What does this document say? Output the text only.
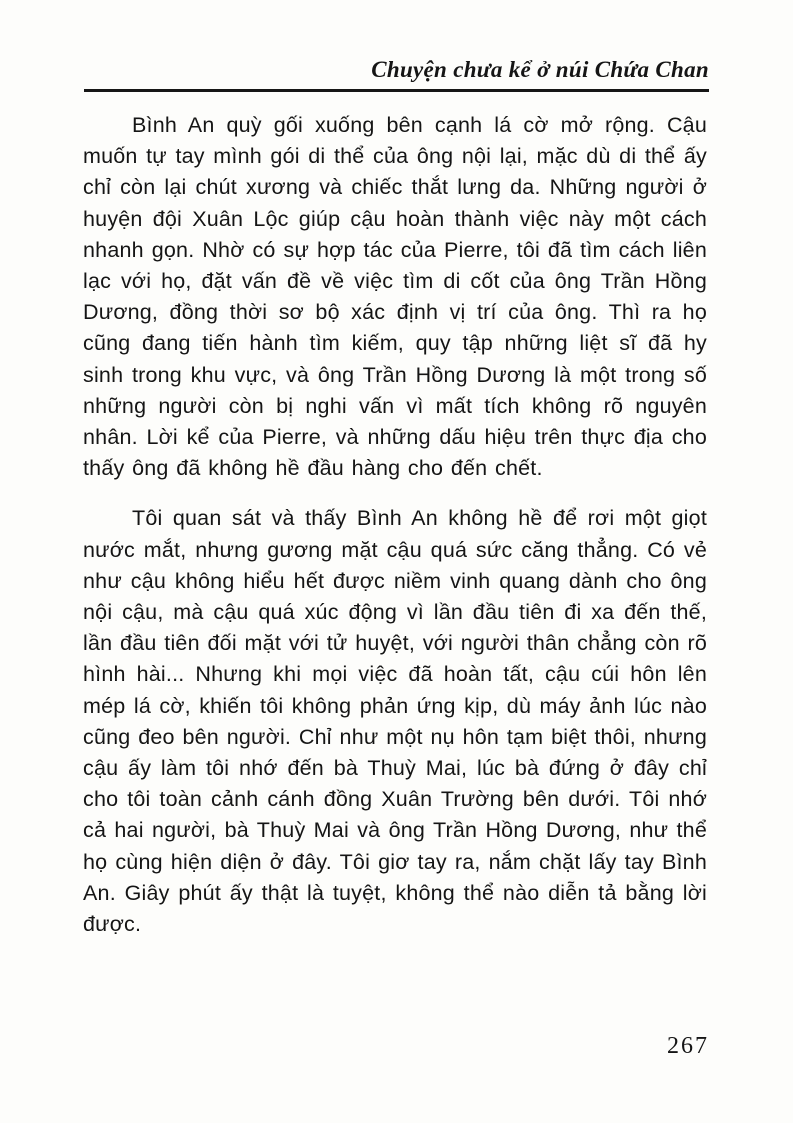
Chuyện chưa kể ở núi Chứa Chan

Bình An quỳ gối xuống bên cạnh lá cờ mở rộng. Cậu muốn tự tay mình gói di thể của ông nội lại, mặc dù di thể ấy chỉ còn lại chút xương và chiếc thắt lưng da. Những người ở huyện đội Xuân Lộc giúp cậu hoàn thành việc này một cách nhanh gọn. Nhờ có sự hợp tác của Pierre, tôi đã tìm cách liên lạc với họ, đặt vấn đề về việc tìm di cốt của ông Trần Hồng Dương, đồng thời sơ bộ xác định vị trí của ông. Thì ra họ cũng đang tiến hành tìm kiếm, quy tập những liệt sĩ đã hy sinh trong khu vực, và ông Trần Hồng Dương là một trong số những người còn bị nghi vấn vì mất tích không rõ nguyên nhân. Lời kể của Pierre, và những dấu hiệu trên thực địa cho thấy ông đã không hề đầu hàng cho đến chết.

Tôi quan sát và thấy Bình An không hề để rơi một giọt nước mắt, nhưng gương mặt cậu quá sức căng thẳng. Có vẻ như cậu không hiểu hết được niềm vinh quang dành cho ông nội cậu, mà cậu quá xúc động vì lần đầu tiên đi xa đến thế, lần đầu tiên đối mặt với tử huyệt, với người thân chẳng còn rõ hình hài... Nhưng khi mọi việc đã hoàn tất, cậu cúi hôn lên mép lá cờ, khiến tôi không phản ứng kịp, dù máy ảnh lúc nào cũng đeo bên người. Chỉ như một nụ hôn tạm biệt thôi, nhưng cậu ấy làm tôi nhớ đến bà Thuỳ Mai, lúc bà đứng ở đây chỉ cho tôi toàn cảnh cánh đồng Xuân Trường bên dưới. Tôi nhớ cả hai người, bà Thuỳ Mai và ông Trần Hồng Dương, như thể họ cùng hiện diện ở đây. Tôi giơ tay ra, nắm chặt lấy tay Bình An. Giây phút ấy thật là tuyệt, không thể nào diễn tả bằng lời được.

267
